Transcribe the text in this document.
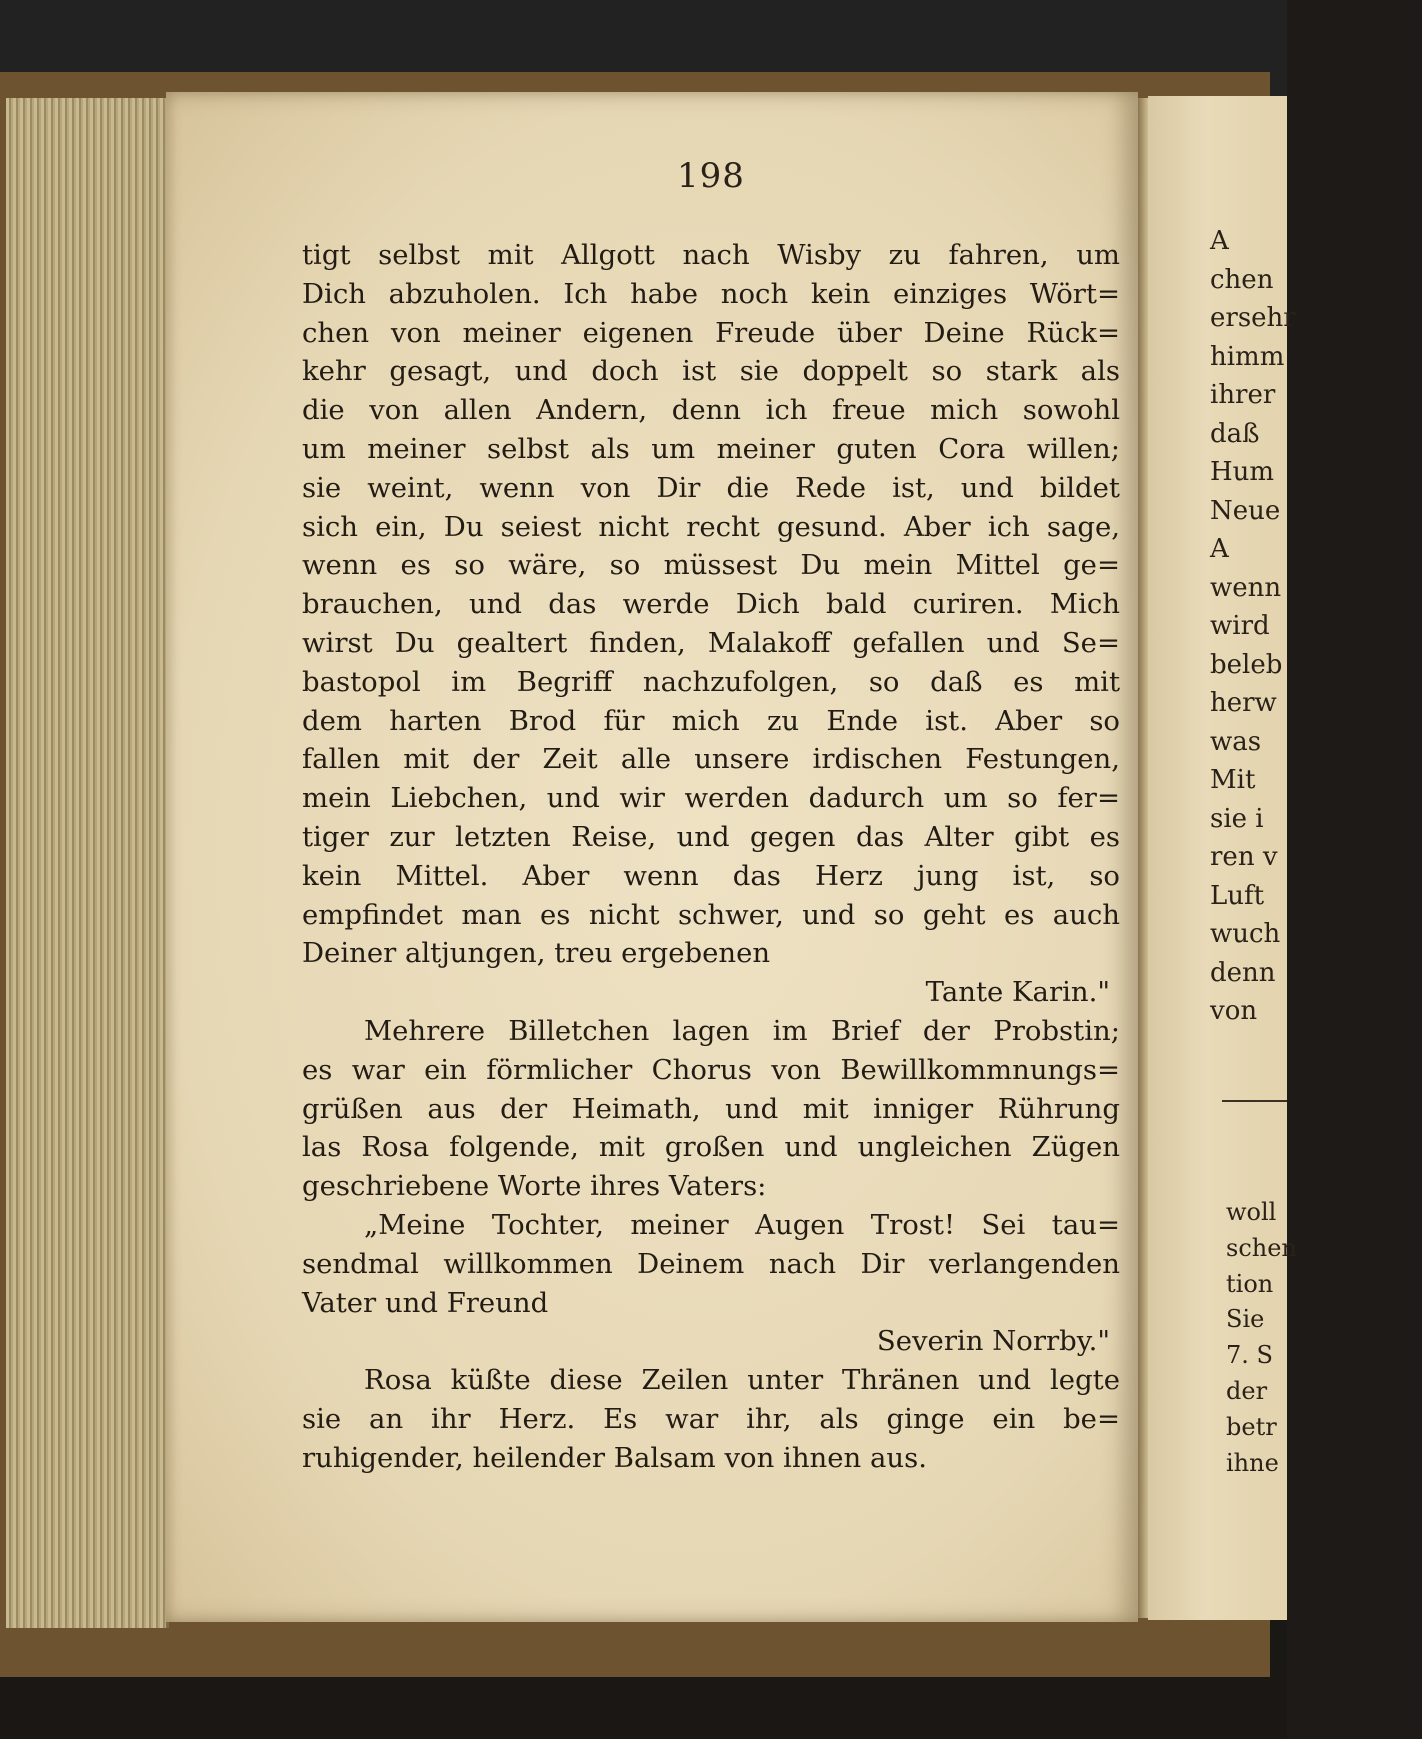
198
tigt selbst mit Allgott nach Wisby zu fahren, um
Dich abzuholen. Ich habe noch kein einziges Wört=
chen von meiner eigenen Freude über Deine Rück=
kehr gesagt, und doch ist sie doppelt so stark als
die von allen Andern, denn ich freue mich sowohl
um meiner selbst als um meiner guten Cora willen;
sie weint, wenn von Dir die Rede ist, und bildet
sich ein, Du seiest nicht recht gesund. Aber ich sage,
wenn es so wäre, so müssest Du mein Mittel ge=
brauchen, und das werde Dich bald curiren. Mich
wirst Du gealtert finden, Malakoff gefallen und Se=
bastopol im Begriff nachzufolgen, so daß es mit
dem harten Brod für mich zu Ende ist. Aber so
fallen mit der Zeit alle unsere irdischen Festungen,
mein Liebchen, und wir werden dadurch um so fer=
tiger zur letzten Reise, und gegen das Alter gibt es
kein Mittel. Aber wenn das Herz jung ist, so
empfindet man es nicht schwer, und so geht es auch
Deiner altjungen, treu ergebenen
Tante Karin."
Mehrere Billetchen lagen im Brief der Probstin;
es war ein förmlicher Chorus von Bewillkommnungs=
grüßen aus der Heimath, und mit inniger Rührung
las Rosa folgende, mit großen und ungleichen Zügen
geschriebene Worte ihres Vaters:
„Meine Tochter, meiner Augen Trost! Sei tau=
sendmal willkommen Deinem nach Dir verlangenden
Vater und Freund
Severin Norrby."
Rosa küßte diese Zeilen unter Thränen und legte
sie an ihr Herz. Es war ihr, als ginge ein be=
ruhigender, heilender Balsam von ihnen aus.
A
chen
ersehr
himm
ihrer
daß
Hum
Neue
A
wenn
wird
beleb
herw
was
Mit
sie i
ren v
Luft
wuch
denn
von
woll
schen
tion
Sie
7. S
der
betr
ihne
